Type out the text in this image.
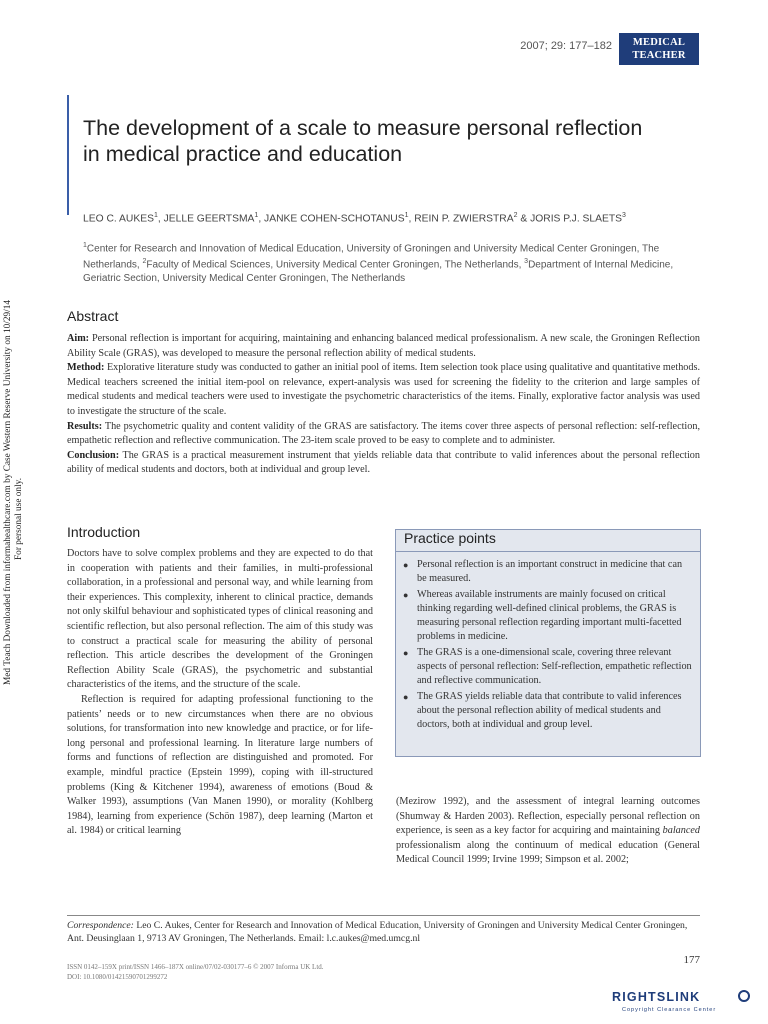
2007; 29: 177–182	MEDICAL
TEACHER
Med Teach Downloaded from informahealthcare.com by Case Western Reserve University on 10/29/14 For personal use only.
The development of a scale to measure personal reflection in medical practice and education
LEO C. AUKES$^1$, JELLE GEERTSMA$^1$, JANKE COHEN-SCHOTANUS$^1$, REIN P. ZWIERSTRA$^2$ & JORIS P.J. SLAETS$^3$
$^1$Center for Research and Innovation of Medical Education, University of Groningen and University Medical Center Groningen, The Netherlands, $^2$Faculty of Medical Sciences, University Medical Center Groningen, The Netherlands, $^3$Department of Internal Medicine, Geriatric Section, University Medical Center Groningen, The Netherlands
Abstract

Aim: Personal reflection is important for acquiring, maintaining and enhancing balanced medical professionalism. A new scale, the Groningen Reflection Ability Scale (GRAS), was developed to measure the personal reflection ability of medical students.

Method: Explorative literature study was conducted to gather an initial pool of items. Item selection took place using qualitative and quantitative methods. Medical teachers screened the initial item-pool on relevance, expert-analysis was used for screening the fidelity to the criterion and large samples of medical students and medical teachers were used to investigate the psychometric characteristics of the items. Finally, explorative factor analysis was used to investigate the structure of the scale.

Results: The psychometric quality and content validity of the GRAS are satisfactory. The items cover three aspects of personal reflection: self-reflection, empathetic reflection and reflective communication. The 23-item scale proved to be easy to complete and to administer.

Conclusion: The GRAS is a practical measurement instrument that yields reliable data that contribute to valid inferences about the personal reflection ability of medical students and doctors, both at individual and group level.

Introduction

Doctors have to solve complex problems and they are expected to do that in cooperation with patients and their families, in multi-professional collaboration, in a professional and personal way, and while learning from their experiences. This complexity, inherent to clinical practice, demands not only skilful behaviour and sophisticated types of clinical reasoning and scientific reflection, but also personal reflection. The aim of this study was to construct a practical scale for measuring the ability of personal reflection. This article describes the development of the Groningen Reflection Ability Scale (GRAS), the psychometric and substantial characteristics of the items, and the structure of the scale.

Reflection is required for adapting professional functioning to the patients’ needs or to new circumstances when there are no obvious solutions, for transformation into new knowledge and practice, or for life-long personal and professional learning. In literature large numbers of forms and functions of reflection are distinguished and promoted. For example, mindful practice (Epstein 1999), coping with ill-structured problems (King & Kitchener 1994), awareness of emotions (Boud & Walker 1993), assumptions (Van Manen 1990), or morality (Kohlberg 1984), learning from experience (Schön 1987), deep learning (Marton et al. 1984) or critical learning

Practice points
● Personal reflection is an important construct in medicine that can be measured.
● Whereas available instruments are mainly focused on critical thinking regarding well-defined clinical problems, the GRAS is measuring personal reflection regarding important multi-facetted problems in medicine.
● The GRAS is a one-dimensional scale, covering three relevant aspects of personal reflection: Self-reflection, empathetic reflection and reflective communication.
● The GRAS yields reliable data that contribute to valid inferences about the personal reflection ability of medical students and doctors, both at individual and group level.

(Mezirow 1992), and the assessment of integral learning outcomes (Shumway & Harden 2003). Reflection, especially personal reflection on experience, is seen as a key factor for acquiring and maintaining balanced professionalism along the continuum of medical education (General Medical Council 1999; Irvine 1999; Simpson et al. 2002;

Correspondence: Leo C. Aukes, Center for Research and Innovation of Medical Education, University of Groningen and University Medical Center Groningen, Ant. Deusinglaan 1, 9713 AV Groningen, The Netherlands. Email: l.c.aukes@med.umcg.nl
ISSN 0142–159X print/ISSN 1466–187X online/07/02-030177–6 © 2007 Informa UK Ltd.
DOI: 10.1080/01421590701299272
177
RIGHTSLINK
Copyright Clearance Center
